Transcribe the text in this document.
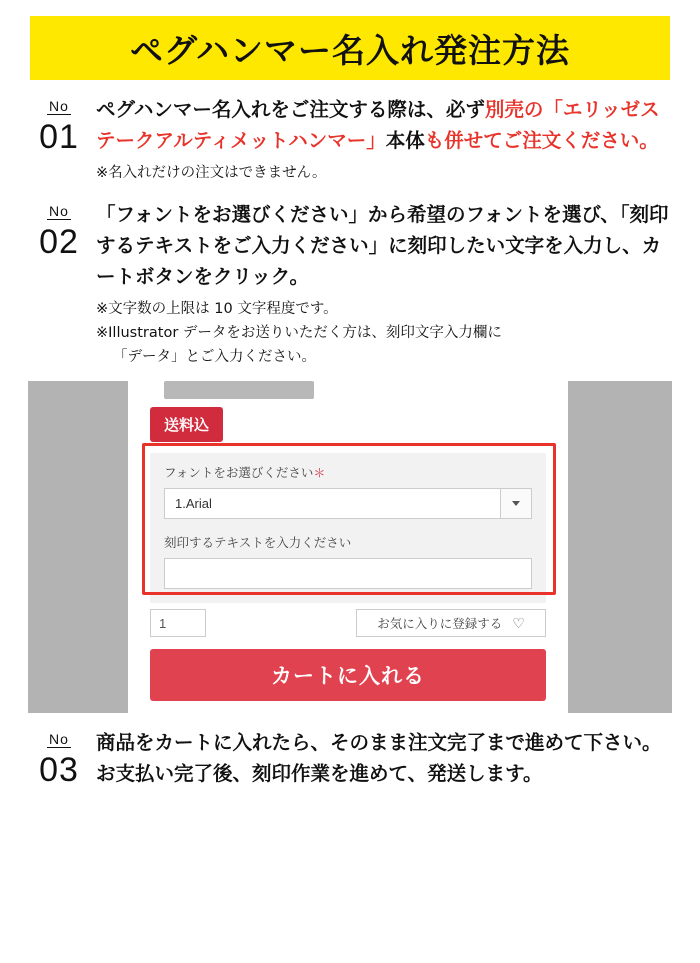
ペグハンマー名入れ発注方法
No
01
ペグハンマー名入れをご注文する際は、必ず別売の「エリッゼステークアルティメットハンマー」本体も併せてご注文ください。
※名入れだけの注文はできません。
No
02
「フォントをお選びください」から希望のフォントを選び、「刻印するテキストをご入力ください」に刻印したい文字を入力し、カートボタンをクリック。
※文字数の上限は 10 文字程度です。
※Illustrator データをお送りいただく方は、刻印文字入力欄に
「データ」とご入力ください。
送料込
フォントをお選びください＊
1.Arial
刻印するテキストを入力ください
1	お気に入りに登録する ♡
カートに入れる
No
03
商品をカートに入れたら、そのまま注文完了まで進めて下さい。お支払い完了後、刻印作業を進めて、発送します。
